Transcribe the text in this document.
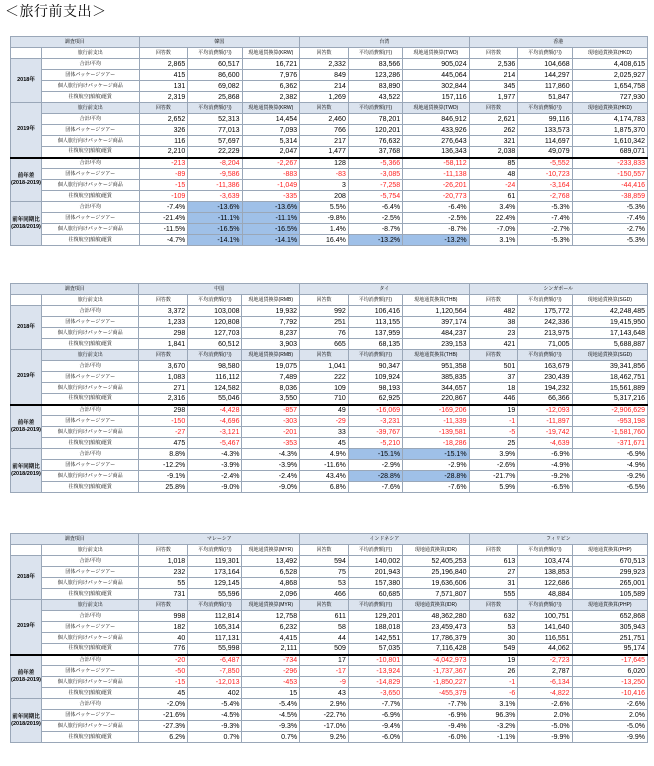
＜旅行前支出＞
調査項目		韓国			台湾			香港		
	旅行前支出	回答数	平均消費額(円)	現地通貨換算(KRW)	回答数	平均消費額(円)	現地通貨換算(TWD)	回答数	平均消費額(円)	現地通貨換算(HKD)
2018年	合計/平均	2,865	60,517	16,721	2,332	83,566	905,024	2,536	104,668	4,408,615
	団体パッケージツアー	415	86,600	7,976	849	123,286	445,064	214	144,297	2,025,927
	個人旅行向けパッケージ商品	131	69,082	6,362	214	83,890	302,844	345	117,860	1,654,758
	往復航空(船舶)運賃	2,319	25,868	2,382	1,269	43,522	157,116	1,977	51,847	727,930
2019年	旅行前支出	回答数	平均消費額(円)	現地通貨換算(KRW)	回答数	平均消費額(円)	現地通貨換算(TWD)	回答数	平均消費額(円)	現地通貨換算(HKD)
	合計/平均	2,652	52,313	14,454	2,460	78,201	846,912	2,621	99,116	4,174,783
	団体パッケージツアー	326	77,013	7,093	766	120,201	433,926	262	133,573	1,875,370
	個人旅行向けパッケージ商品	116	57,697	5,314	217	76,632	276,643	321	114,697	1,610,342
	往復航空(船舶)運賃	2,210	22,229	2,047	1,477	37,768	136,343	2,038	49,079	689,071
前年差
(2018-2019)	合計/平均	-213	-8,204	-2,267	128	-5,366	-58,112	85	-5,552	-233,833
	団体パッケージツアー	-89	-9,586	-883	-83	-3,085	-11,138	48	-10,723	-150,557
	個人旅行向けパッケージ商品	-15	-11,386	-1,049	3	-7,258	-26,201	-24	-3,164	-44,416
	往復航空(船舶)運賃	-109	-3,639	-335	208	-5,754	-20,773	61	-2,768	-38,859
前年同期比
(2018/2019)	合計/平均	-7.4%	-13.6%	-13.6%	5.5%	-6.4%	-6.4%	3.4%	-5.3%	-5.3%
	団体パッケージツアー	-21.4%	-11.1%	-11.1%	-9.8%	-2.5%	-2.5%	22.4%	-7.4%	-7.4%
	個人旅行向けパッケージ商品	-11.5%	-16.5%	-16.5%	1.4%	-8.7%	-8.7%	-7.0%	-2.7%	-2.7%
	往復航空(船舶)運賃	-4.7%	-14.1%	-14.1%	16.4%	-13.2%	-13.2%	3.1%	-5.3%	-5.3%
調査項目		中国			タイ			シンガポール		
	旅行前支出	回答数	平均消費額(円)	現地通貨換算(RMB)	回答数	平均消費額(円)	現地通貨換算(THB)	回答数	平均消費額(円)	現地通貨換算(SGD)
2018年	合計/平均	3,372	103,008	19,932	992	106,416	1,120,564	482	175,772	42,248,485
	団体パッケージツアー	1,233	120,808	7,792	251	113,155	397,174	38	242,336	19,415,950
	個人旅行向けパッケージ商品	298	127,703	8,237	76	137,959	484,237	23	213,975	17,143,648
	往復航空(船舶)運賃	1,841	60,512	3,903	665	68,135	239,153	421	71,005	5,688,887
2019年	旅行前支出	回答数	平均消費額(円)	現地通貨換算(RMB)	回答数	平均消費額(円)	現地通貨換算(THB)	回答数	平均消費額(円)	現地通貨換算(SGD)
	合計/平均	3,670	98,580	19,075	1,041	90,347	951,358	501	163,679	39,341,856
	団体パッケージツアー	1,083	116,112	7,489	222	109,924	385,835	37	230,439	18,462,751
	個人旅行向けパッケージ商品	271	124,582	8,036	109	98,193	344,657	18	194,232	15,561,889
	往復航空(船舶)運賃	2,316	55,046	3,550	710	62,925	220,867	446	66,366	5,317,216
前年差
(2018-2019)	合計/平均	298	-4,428	-857	49	-16,069	-169,206	19	-12,093	-2,906,629
	団体パッケージツアー	-150	-4,696	-303	-29	-3,231	-11,339	-1	-11,897	-953,198
	個人旅行向けパッケージ商品	-27	-3,121	-201	33	-39,767	-139,581	-5	-19,742	-1,581,760
	往復航空(船舶)運賃	475	-5,467	-353	45	-5,210	-18,286	25	-4,639	-371,671
前年同期比
(2018/2019)	合計/平均	8.8%	-4.3%	-4.3%	4.9%	-15.1%	-15.1%	3.9%	-6.9%	-6.9%
	団体パッケージツアー	-12.2%	-3.9%	-3.9%	-11.6%	-2.9%	-2.9%	-2.6%	-4.9%	-4.9%
	個人旅行向けパッケージ商品	-9.1%	-2.4%	-2.4%	43.4%	-28.8%	-28.8%	-21.7%	-9.2%	-9.2%
	往復航空(船舶)運賃	25.8%	-9.0%	-9.0%	6.8%	-7.6%	-7.6%	5.9%	-6.5%	-6.5%
調査項目		マレーシア			インドネシア			フィリピン		
	旅行前支出	回答数	平均消費額(円)	現地通貨換算(MYR)	回答数	平均消費額(円)	現地通貨換算(IDR)	回答数	平均消費額(円)	現地通貨換算(PHP)
2018年	合計/平均	1,018	119,301	13,492	594	140,002	52,405,253	613	103,474	670,513
	団体パッケージツアー	232	173,164	6,528	75	201,943	25,196,840	27	138,853	299,923
	個人旅行向けパッケージ商品	55	129,145	4,868	53	157,380	19,636,606	31	122,686	265,001
	往復航空(船舶)運賃	731	55,596	2,096	466	60,685	7,571,807	555	48,884	105,589
2019年	旅行前支出	回答数	平均消費額(円)	現地通貨換算(MYR)	回答数	平均消費額(円)	現地通貨換算(IDR)	回答数	平均消費額(円)	現地通貨換算(PHP)
	合計/平均	998	112,814	12,758	611	129,201	48,362,280	632	100,751	652,868
	団体パッケージツアー	182	165,314	6,232	58	188,018	23,459,473	53	141,640	305,943
	個人旅行向けパッケージ商品	40	117,131	4,415	44	142,551	17,786,379	30	116,551	251,751
	往復航空(船舶)運賃	776	55,998	2,111	509	57,035	7,116,428	549	44,062	95,174
前年差
(2018-2019)	合計/平均	-20	-6,487	-734	17	-10,801	-4,042,973	19	-2,723	-17,645
	団体パッケージツアー	-50	-7,850	-296	-17	-13,924	-1,737,367	26	2,787	6,020
	個人旅行向けパッケージ商品	-15	-12,013	-453	-9	-14,829	-1,850,227	-1	-6,134	-13,250
	往復航空(船舶)運賃	45	402	15	43	-3,650	-455,379	-6	-4,822	-10,416
前年同期比
(2018/2019)	合計/平均	-2.0%	-5.4%	-5.4%	2.9%	-7.7%	-7.7%	3.1%	-2.6%	-2.6%
	団体パッケージツアー	-21.6%	-4.5%	-4.5%	-22.7%	-6.9%	-6.9%	96.3%	2.0%	2.0%
	個人旅行向けパッケージ商品	-27.3%	-9.3%	-9.3%	-17.0%	-9.4%	-9.4%	-3.2%	-5.0%	-5.0%
	往復航空(船舶)運賃	6.2%	0.7%	0.7%	9.2%	-6.0%	-6.0%	-1.1%	-9.9%	-9.9%
